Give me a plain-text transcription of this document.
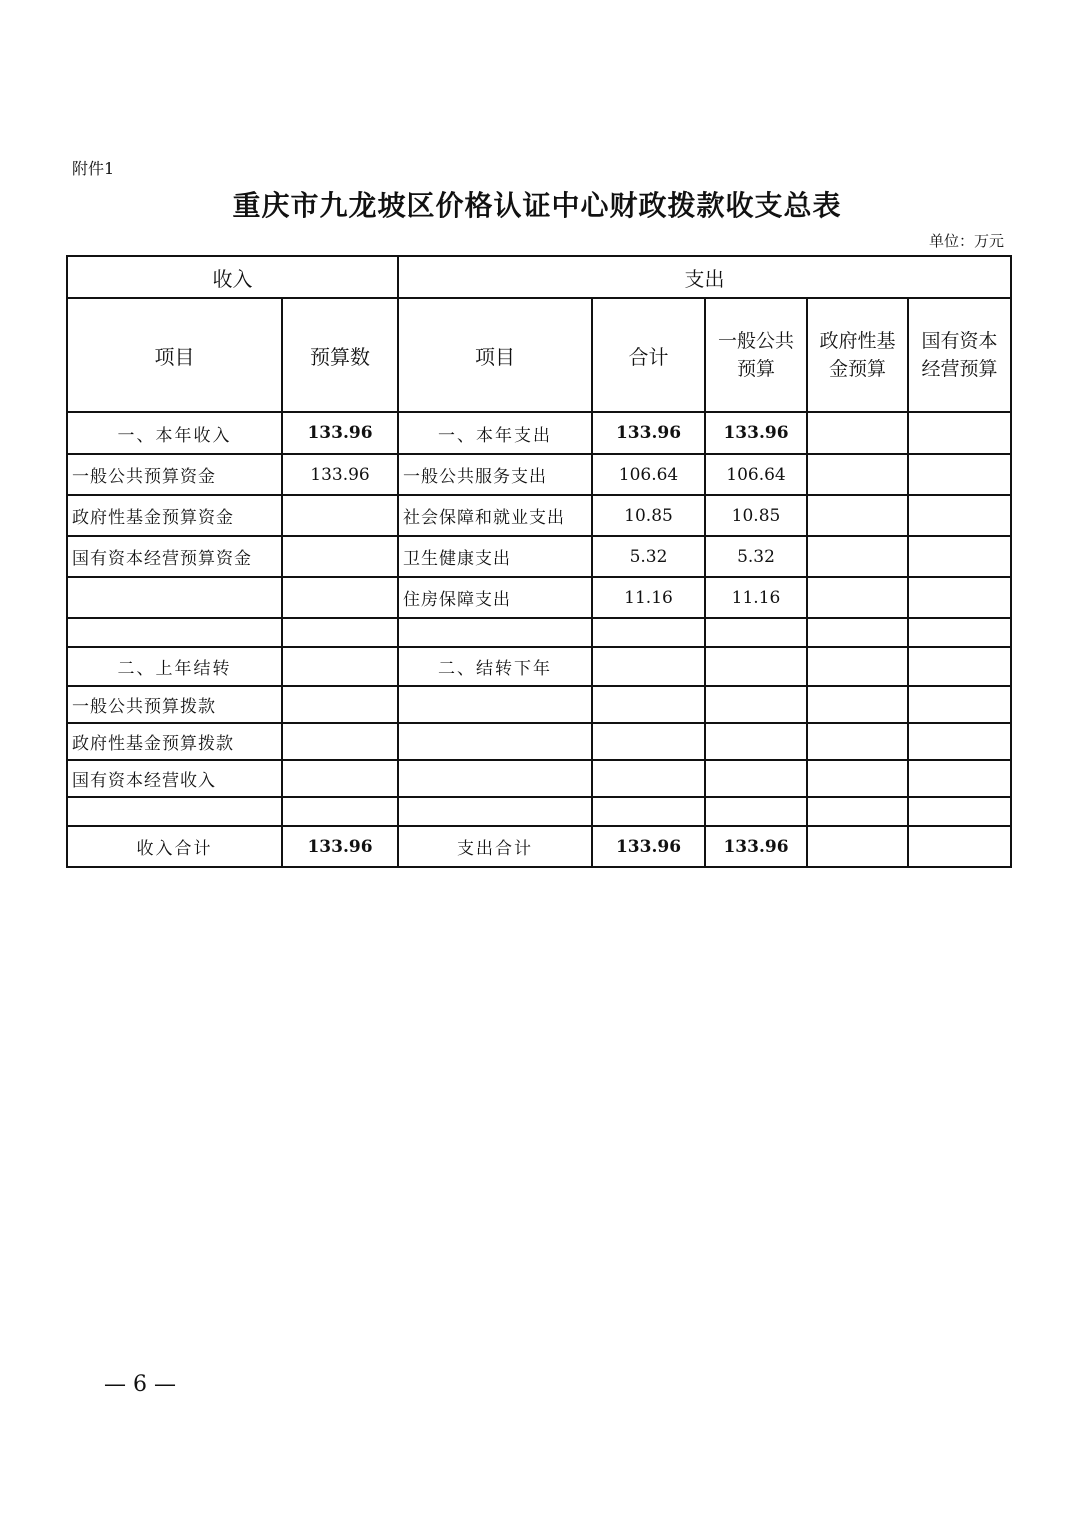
附件1
重庆市九龙坡区价格认证中心财政拨款收支总表
单位：万元
收入		支出				
项目	预算数	项目	合计	一般公共预算	政府性基金预算	国有资本经营预算
一、本年收入	133.96	一、本年支出	133.96	133.96		
一般公共预算资金	133.96	一般公共服务支出	106.64	106.64		
政府性基金预算资金		社会保障和就业支出	10.85	10.85		
国有资本经营预算资金		卫生健康支出	5.32	5.32		
		住房保障支出	11.16	11.16		

二、上年结转		二、结转下年				
一般公共预算拨款						
政府性基金预算拨款						
国有资本经营收入						

收入合计	133.96	支出合计	133.96	133.96		
— 6 —
